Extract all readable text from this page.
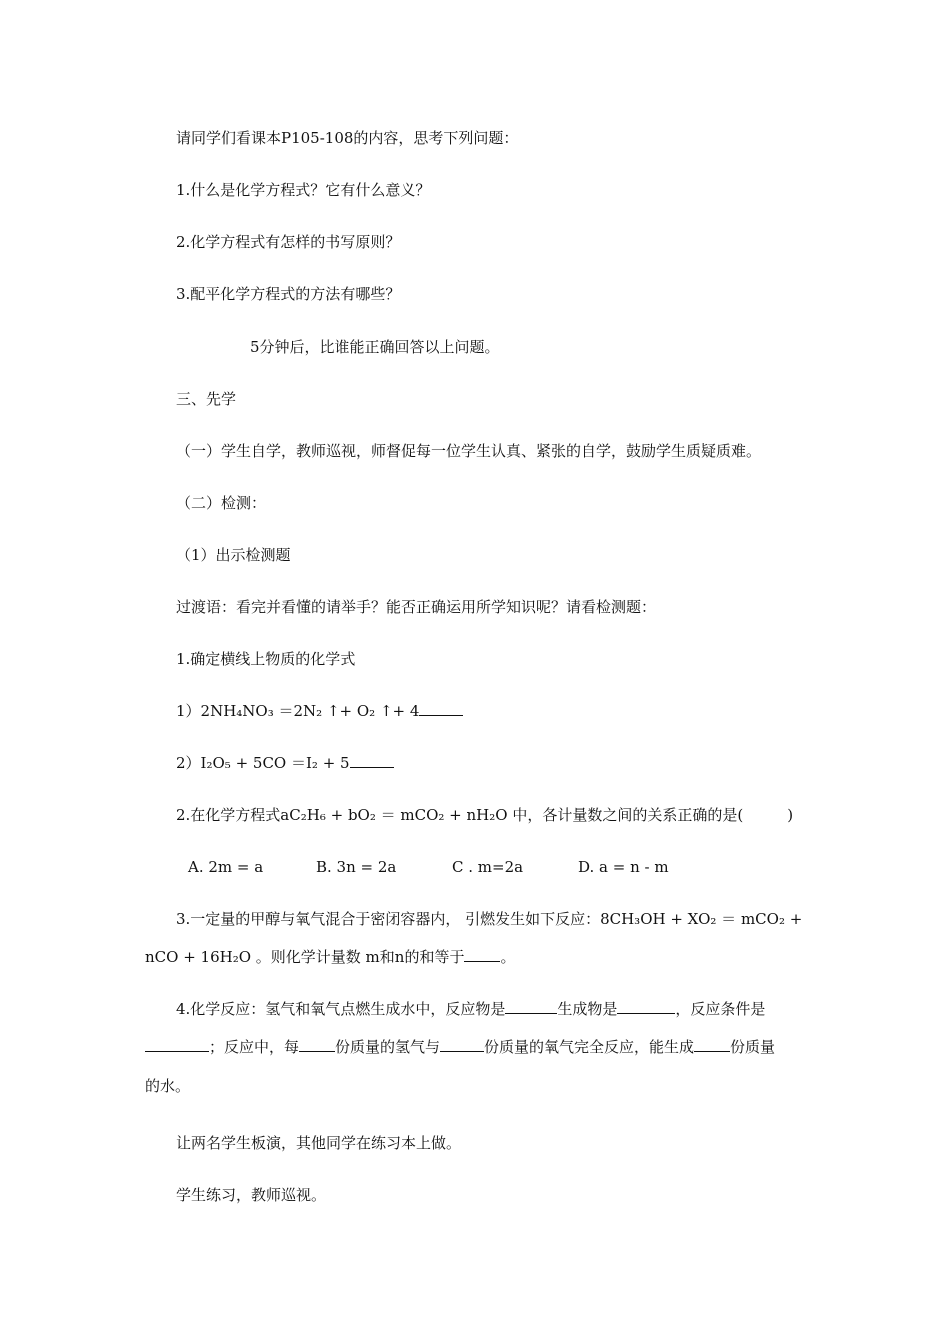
请同学们看课本P105-108的内容，思考下列问题：
1.什么是化学方程式？它有什么意义？
2.化学方程式有怎样的书写原则？
3.配平化学方程式的方法有哪些？
5分钟后，比谁能正确回答以上问题。
三、先学
（一）学生自学，教师巡视，师督促每一位学生认真、紧张的自学，鼓励学生质疑质难。
（二）检测：
（1）出示检测题
过渡语：看完并看懂的请举手？能否正确运用所学知识呢？请看检测题：
1.确定横线上物质的化学式
1）2NH₄NO₃ ＝2N₂ ↑+ O₂ ↑+ 4
2）I₂O₅ + 5CO ＝I₂ + 5
2.在化学方程式aC₂H₆ + bO₂ ＝ mCO₂ + nH₂O 中，各计量数之间的关系正确的是(	)
A. 2m = a	B. 3n = 2a	C . m=2a	D. a = n - m
3.一定量的甲醇与氧气混合于密闭容器内， 引燃发生如下反应：8CH₃OH + XO₂ ＝ mCO₂ +
nCO + 16H₂O 。则化学计量数 m和n的和等于 。
4.化学反应：氢气和氧气点燃生成水中，反应物是	生成物是	，反应条件是
；反应中，每 份质量的氢气与	份质量的氧气完全反应，能生成 份质量
的水。
让两名学生板演，其他同学在练习本上做。
学生练习，教师巡视。
